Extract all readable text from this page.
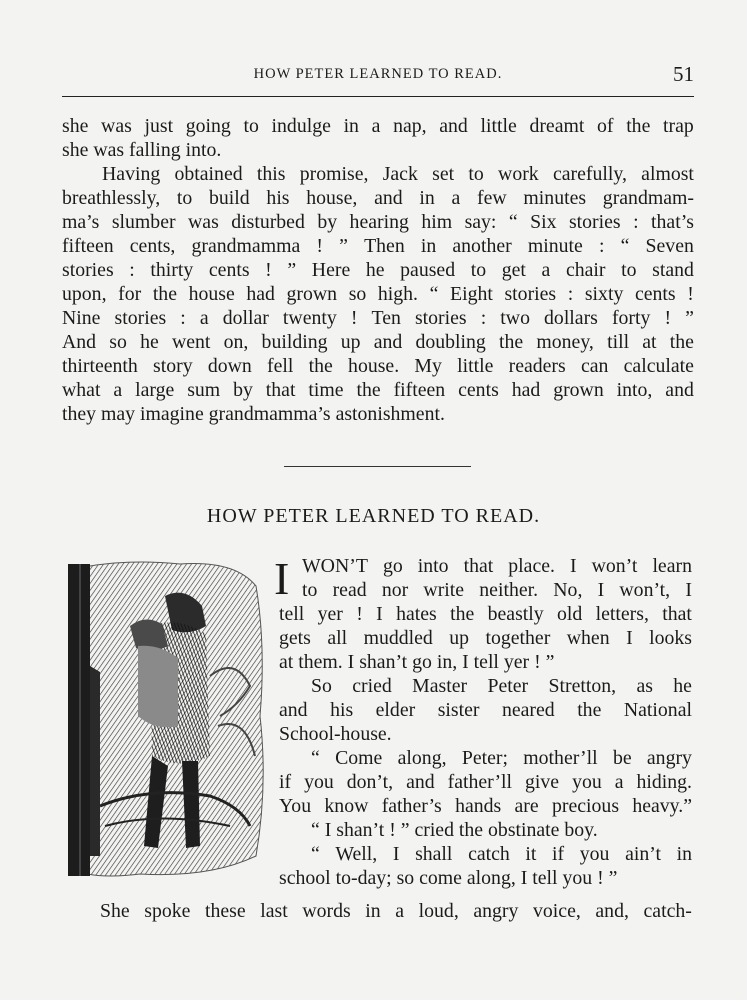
HOW PETER LEARNED TO READ.	51
she was just going to indulge in a nap, and little dreamt of the trap
she was falling into.
Having obtained this promise, Jack set to work carefully, almost
breathlessly, to build his house, and in a few minutes grandmam-
ma’s slumber was disturbed by hearing him say: “ Six stories : that’s
fifteen cents, grandmamma ! ” Then in another minute : “ Seven
stories : thirty cents ! ” Here he paused to get a chair to stand
upon, for the house had grown so high. “ Eight stories : sixty cents !
Nine stories : a dollar twenty ! Ten stories : two dollars forty ! ”
And so he went on, building up and doubling the money, till at the
thirteenth story down fell the house. My little readers can calculate
what a large sum by that time the fifteen cents had grown into, and
they may imagine grandmamma’s astonishment.
HOW PETER LEARNED TO READ.
I WON’T go into that place. I won’t learn
to read nor write neither. No, I won’t, I
tell yer ! I hates the beastly old letters, that
gets all muddled up together when I looks
at them. I shan’t go in, I tell yer ! ”
So cried Master Peter Stretton, as he
and his elder sister neared the National
School-house.
“ Come along, Peter; mother’ll be angry
if you don’t, and father’ll give you a hiding.
You know father’s hands are precious heavy.”
“ I shan’t ! ” cried the obstinate boy.
“ Well, I shall catch it if you ain’t in
school to-day; so come along, I tell you ! ”
She spoke these last words in a loud, angry voice, and, catch-
